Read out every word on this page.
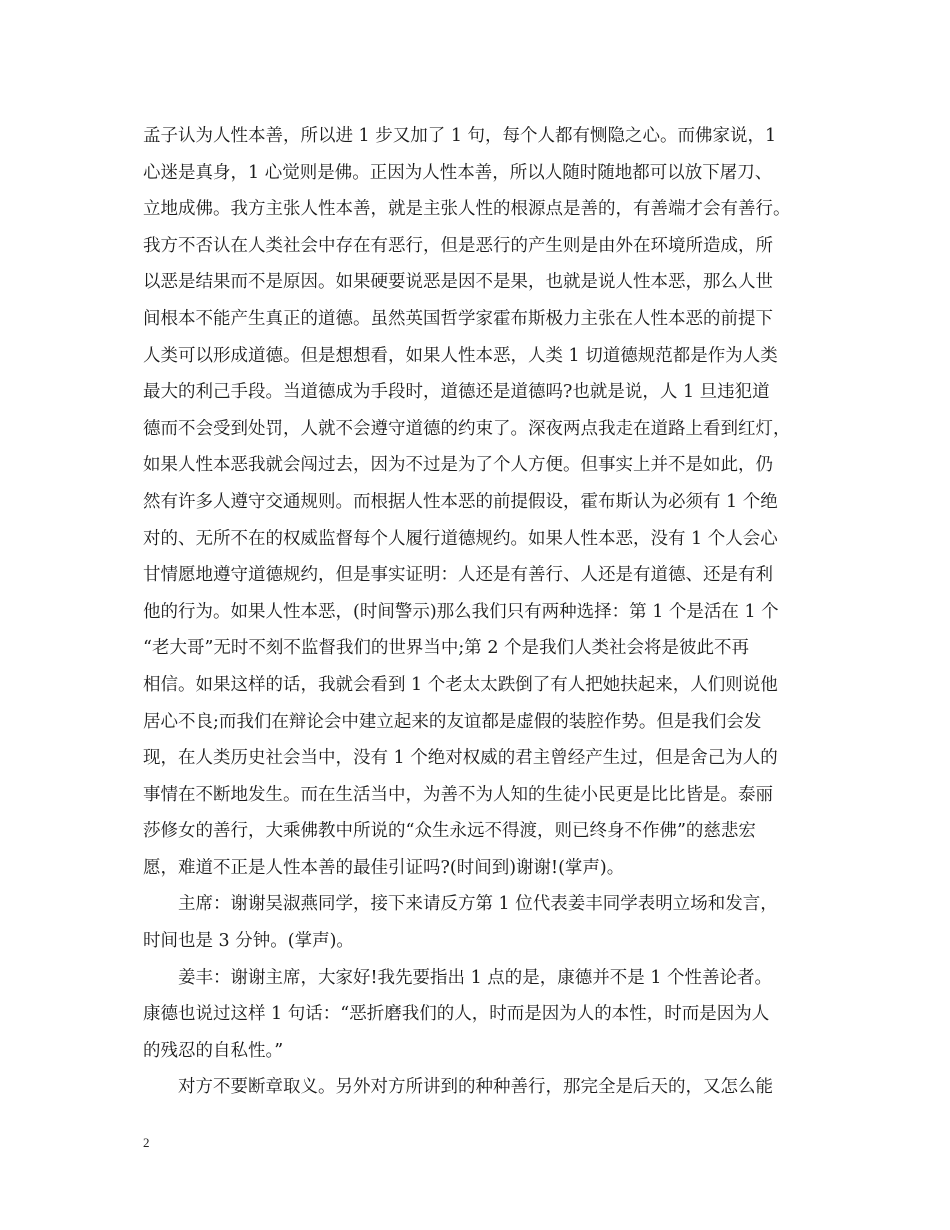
孟子认为人性本善，所以进 1 步又加了 1 句，每个人都有恻隐之心。而佛家说，1
心迷是真身，1 心觉则是佛。正因为人性本善，所以人随时随地都可以放下屠刀、
立地成佛。我方主张人性本善，就是主张人性的根源点是善的，有善端才会有善行。
我方不否认在人类社会中存在有恶行，但是恶行的产生则是由外在环境所造成，所
以恶是结果而不是原因。如果硬要说恶是因不是果，也就是说人性本恶，那么人世
间根本不能产生真正的道德。虽然英国哲学家霍布斯极力主张在人性本恶的前提下
人类可以形成道德。但是想想看，如果人性本恶，人类 1 切道德规范都是作为人类
最大的利己手段。当道德成为手段时，道德还是道德吗?也就是说，人 1 旦违犯道
德而不会受到处罚，人就不会遵守道德的约束了。深夜两点我走在道路上看到红灯，
如果人性本恶我就会闯过去，因为不过是为了个人方便。但事实上并不是如此，仍
然有许多人遵守交通规则。而根据人性本恶的前提假设，霍布斯认为必须有 1 个绝
对的、无所不在的权威监督每个人履行道德规约。如果人性本恶，没有 1 个人会心
甘情愿地遵守道德规约，但是事实证明：人还是有善行、人还是有道德、还是有利
他的行为。如果人性本恶，(时间警示)那么我们只有两种选择：第 1 个是活在 1 个
“老大哥”无时不刻不监督我们的世界当中;第 2 个是我们人类社会将是彼此不再
相信。如果这样的话，我就会看到 1 个老太太跌倒了有人把她扶起来，人们则说他
居心不良;而我们在辩论会中建立起来的友谊都是虚假的装腔作势。但是我们会发
现，在人类历史社会当中，没有 1 个绝对权威的君主曾经产生过，但是舍己为人的
事情在不断地发生。而在生活当中，为善不为人知的生徒小民更是比比皆是。泰丽
莎修女的善行，大乘佛教中所说的“众生永远不得渡，则已终身不作佛”的慈悲宏
愿，难道不正是人性本善的最佳引证吗?(时间到)谢谢!(掌声)。
主席：谢谢吴淑燕同学，接下来请反方第 1 位代表姜丰同学表明立场和发言，
时间也是 3 分钟。(掌声)。
姜丰：谢谢主席，大家好!我先要指出 1 点的是，康德并不是 1 个性善论者。
康德也说过这样 1 句话：“恶折磨我们的人，时而是因为人的本性，时而是因为人
的残忍的自私性。”
对方不要断章取义。另外对方所讲到的种种善行，那完全是后天的，又怎么能
2
